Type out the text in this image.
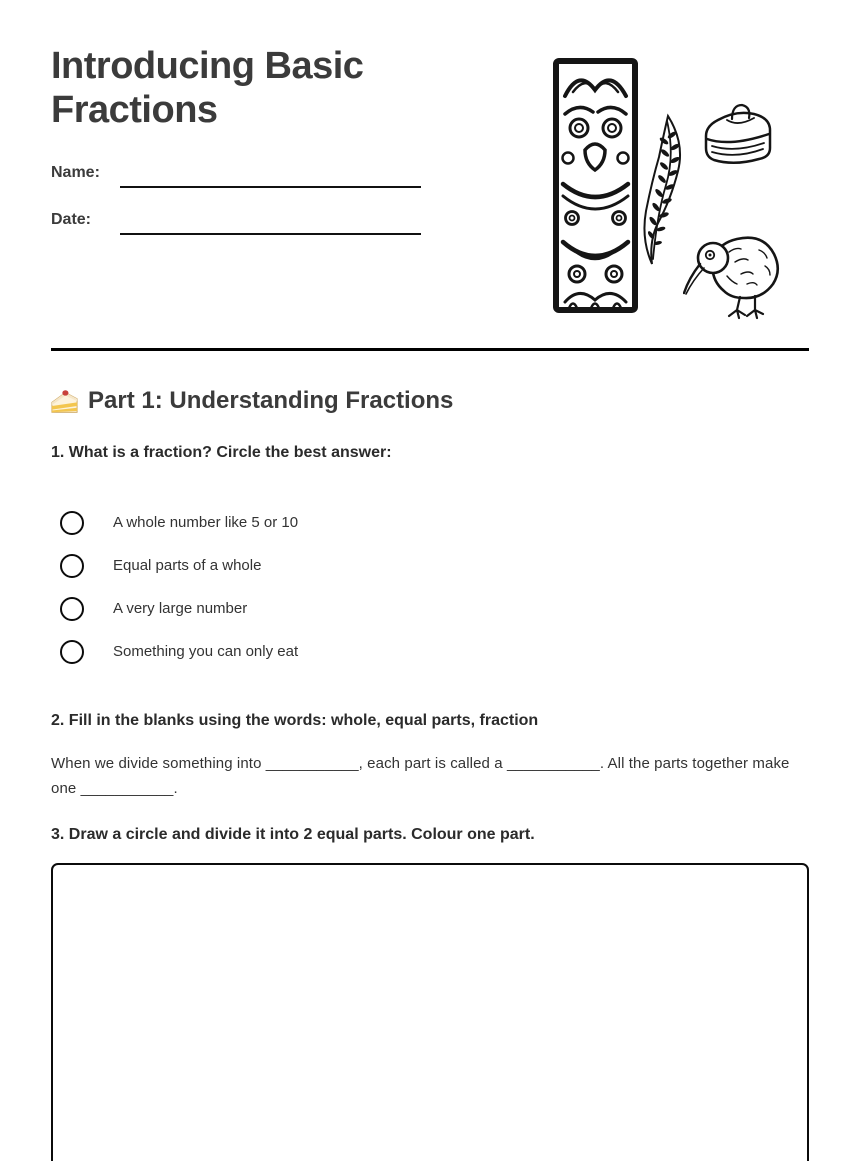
Introducing Basic Fractions
Name:
Date:
Part 1: Understanding Fractions
1. What is a fraction? Circle the best answer:
A whole number like 5 or 10
Equal parts of a whole
A very large number
Something you can only eat
2. Fill in the blanks using the words: whole, equal parts, fraction

When we divide something into ___________, each part is called a ___________. All the parts together make one ___________.

3. Draw a circle and divide it into 2 equal parts. Colour one part.
